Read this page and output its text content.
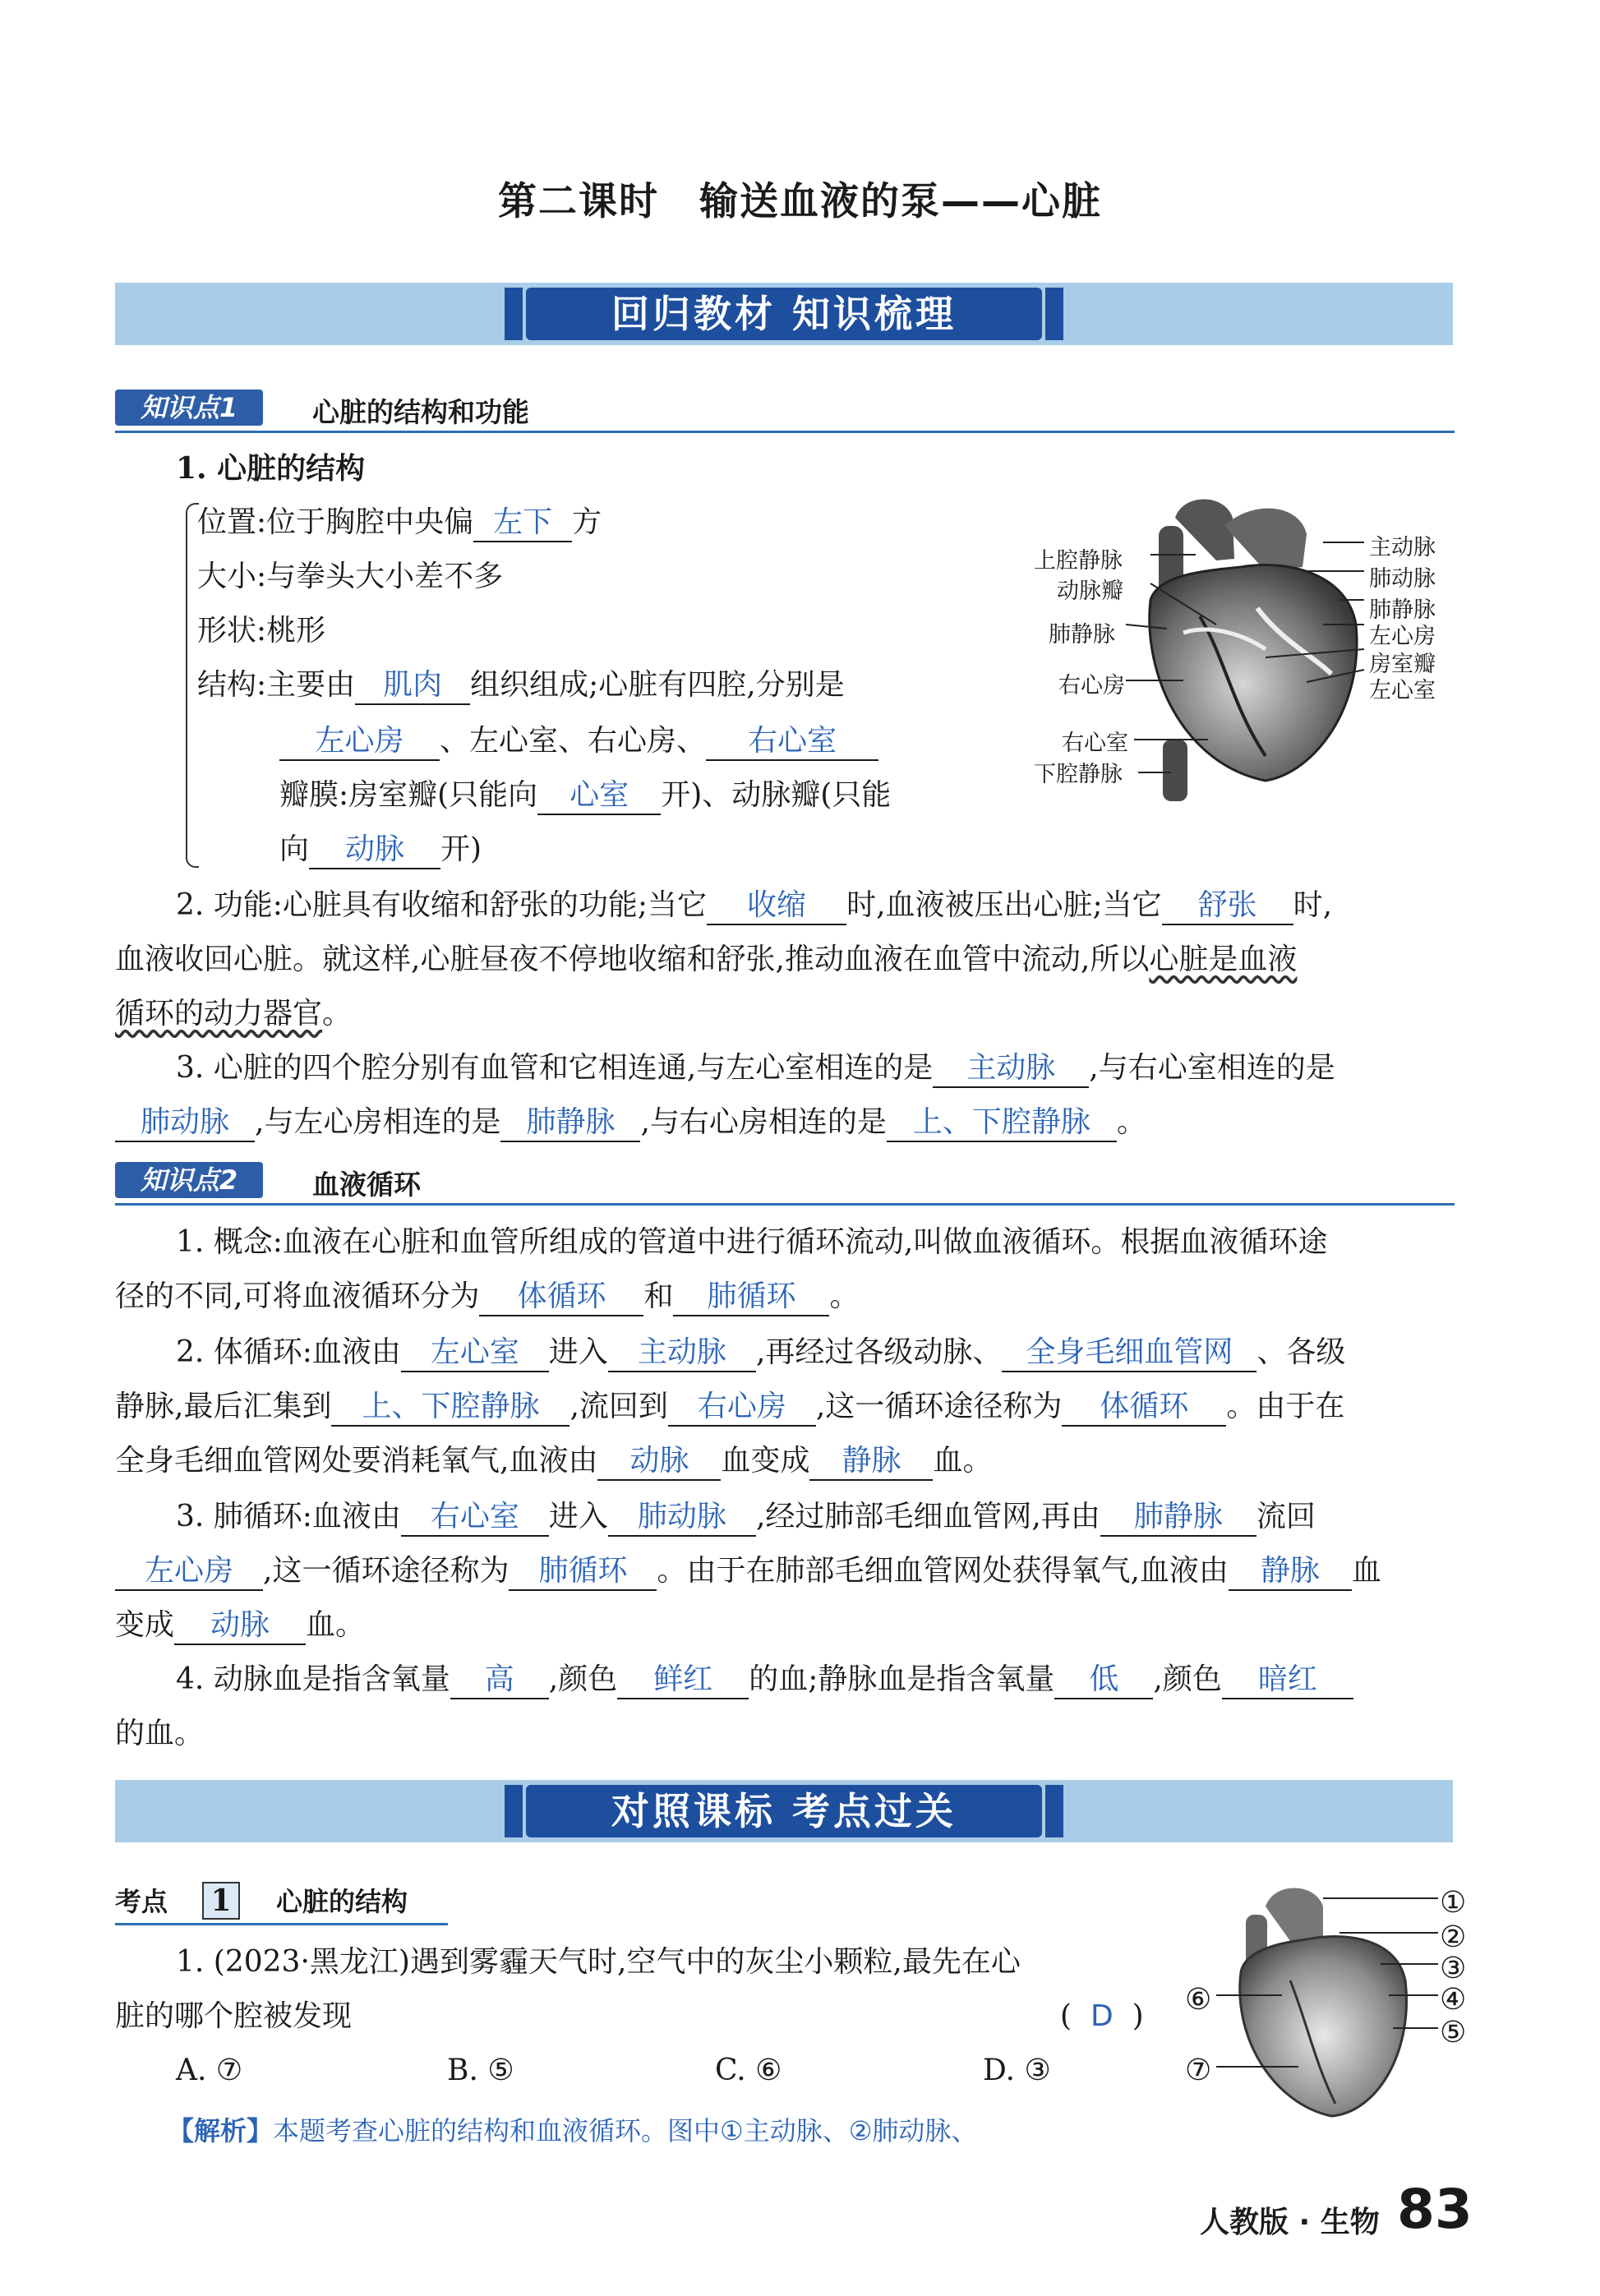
第二课时　输送血液的泵——心脏
回归教材 知识梳理
知识点1	心脏的结构和功能
1. 心脏的结构
位置:位于胸腔中央偏 左下 方
大小:与拳头大小差不多
形状:桃形
结构:主要由 肌肉 组织组成;心脏有四腔,分别是
左心房 、左心室、右心房、 右心室
瓣膜:房室瓣(只能向 心室 开)、动脉瓣(只能
向 动脉 开)
上腔静脉
动脉瓣
肺静脉
右心房
右心室
下腔静脉
主动脉
肺动脉
肺静脉
左心房
房室瓣
左心室
2. 功能:心脏具有收缩和舒张的功能;当它 收缩 时,血液被压出心脏;当它 舒张 时,
血液收回心脏。就这样,心脏昼夜不停地收缩和舒张,推动血液在血管中流动,所以心脏是血液
循环的动力器官。
3. 心脏的四个腔分别有血管和它相连通,与左心室相连的是 主动脉 ,与右心室相连的是
肺动脉 ,与左心房相连的是 肺静脉 ,与右心房相连的是 上、下腔静脉 。
知识点2	血液循环
1. 概念:血液在心脏和血管所组成的管道中进行循环流动,叫做血液循环。根据血液循环途
径的不同,可将血液循环分为 体循环 和 肺循环 。
2. 体循环:血液由 左心室 进入 主动脉 ,再经过各级动脉、 全身毛细血管网 、各级
静脉,最后汇集到 上、下腔静脉 ,流回到 右心房 ,这一循环途径称为 体循环 。由于在
全身毛细血管网处要消耗氧气,血液由 动脉 血变成 静脉 血。
3. 肺循环:血液由 右心室 进入 肺动脉 ,经过肺部毛细血管网,再由 肺静脉 流回
左心房 ,这一循环途径称为 肺循环 。由于在肺部毛细血管网处获得氧气,血液由 静脉 血
变成 动脉 血。
4. 动脉血是指含氧量 高 ,颜色 鲜红 的血;静脉血是指含氧量 低 ,颜色 暗红
的血。
对照课标 考点过关
考点 1	心脏的结构
1. (2023·黑龙江)遇到雾霾天气时,空气中的灰尘小颗粒,最先在心
脏的哪个腔被发现	( D )
A. ⑦	B. ⑤	C. ⑥	D. ③
①
②
③
④
⑤
⑥
⑦
【解析】本题考查心脏的结构和血液循环。图中①主动脉、②肺动脉、
人教版 · 生物 83
